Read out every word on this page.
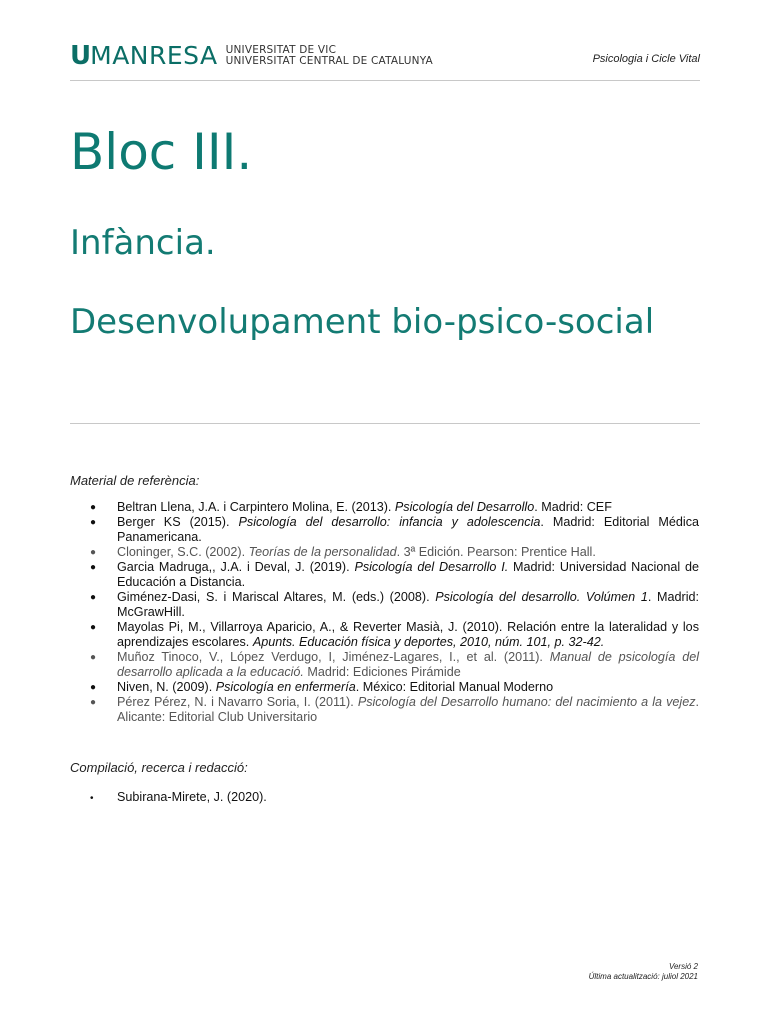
U MANRESA UNIVERSITAT DE VIC
UNIVERSITAT CENTRAL DE CATALUNYA	Psicologia i Cicle Vital
Bloc III.
Infància.
Desenvolupament bio-psico-social
Material de referència:
● Beltran Llena, J.A. i Carpintero Molina, E. (2013). Psicología del Desarrollo. Madrid: CEF
● Berger KS (2015). Psicología del desarrollo: infancia y adolescencia. Madrid: Editorial Médica Panamericana.
● Cloninger, S.C. (2002). Teorías de la personalidad. 3ª Edición. Pearson: Prentice Hall.
● Garcia Madruga,, J.A. i Deval, J. (2019). Psicología del Desarrollo I. Madrid: Universidad Nacional de Educación a Distancia.
● Giménez-Dasi, S. i Mariscal Altares, M. (eds.) (2008). Psicología del desarrollo. Volúmen 1. Madrid: McGrawHill.
● Mayolas Pi, M., Villarroya Aparicio, A., & Reverter Masià, J. (2010). Relación entre la lateralidad y los aprendizajes escolares. Apunts. Educación física y deportes, 2010, núm. 101, p. 32-42.
● Muñoz Tinoco, V., López Verdugo, I, Jiménez-Lagares, I., et al. (2011). Manual de psicología del desarrollo aplicada a la educació. Madrid: Ediciones Pirámide
● Niven, N. (2009). Psicología en enfermería. México: Editorial Manual Moderno
● Pérez Pérez, N. i Navarro Soria, I. (2011). Psicología del Desarrollo humano: del nacimiento a la vejez. Alicante: Editorial Club Universitario
Compilació, recerca i redacció:
• Subirana-Mirete, J. (2020).
Versió 2
Última actualització: juliol 2021
